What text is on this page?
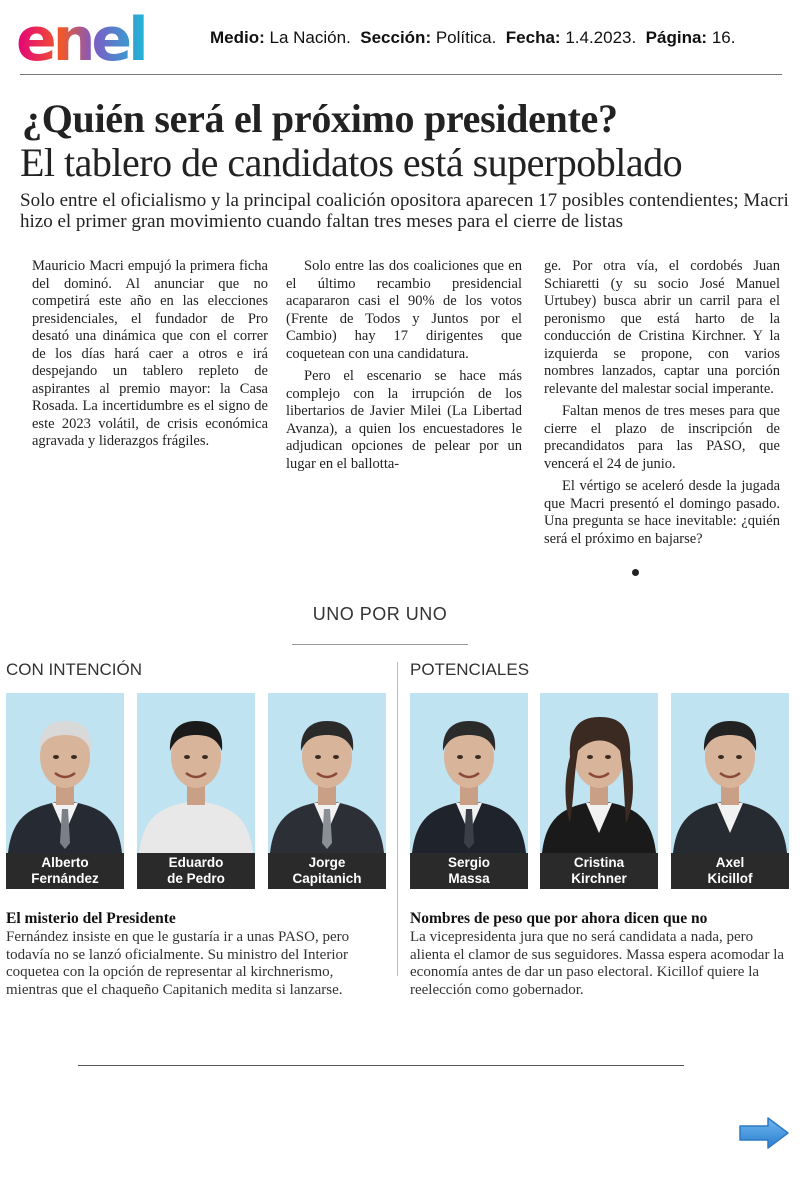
enel	Medio: La Nación. Sección: Política. Fecha: 1.4.2023. Página: 16.
¿Quién será el próximo presidente?
El tablero de candidatos está superpoblado
Solo entre el oficialismo y la principal coalición opositora aparecen 17 posibles contendientes; Macri hizo el primer gran movimiento cuando faltan tres meses para el cierre de listas

Mauricio Macri empujó la primera ficha del dominó. Al anunciar que no competirá este año en las elecciones presidenciales, el fundador de Pro desató una dinámica que con el correr de los días hará caer a otros e irá despejando un tablero repleto de aspirantes al premio mayor: la Casa Rosada. La incertidumbre es el signo de este 2023 volátil, de crisis económica agravada y liderazgos frágiles.

Solo entre las dos coaliciones que en el último recambio presidencial acapararon casi el 90% de los votos (Frente de Todos y Juntos por el Cambio) hay 17 dirigentes que coquetean con una candidatura.

Pero el escenario se hace más complejo con la irrupción de los libertarios de Javier Milei (La Libertad Avanza), a quien los encuestadores le adjudican opciones de pelear por un lugar en el ballotta-

ge. Por otra vía, el cordobés Juan Schiaretti (y su socio José Manuel Urtubey) busca abrir un carril para el peronismo que está harto de la conducción de Cristina Kirchner. Y la izquierda se propone, con varios nombres lanzados, captar una porción relevante del malestar social imperante.

Faltan menos de tres meses para que cierre el plazo de inscripción de precandidatos para las PASO, que vencerá el 24 de junio.

El vértigo se aceleró desde la jugada que Macri presentó el domingo pasado. Una pregunta se hace inevitable: ¿quién será el próximo en bajarse?

UNO POR UNO
CON INTENCIÓN	POTENCIALES
Alberto
Fernández
Eduardo
de Pedro
Jorge
Capitanich
Sergio
Massa
Cristina
Kirchner
Axel
Kicillof
El misterio del Presidente
Fernández insiste en que le gustaría ir a unas PASO, pero todavía no se lanzó oficialmente. Su ministro del Interior coquetea con la opción de representar al kirchnerismo, mientras que el chaqueño Capitanich medita si lanzarse.
Nombres de peso que por ahora dicen que no
La vicepresidenta jura que no será candidata a nada, pero alienta el clamor de sus seguidores. Massa espera acomodar la economía antes de dar un paso electoral. Kicillof quiere la reelección como gobernador.
